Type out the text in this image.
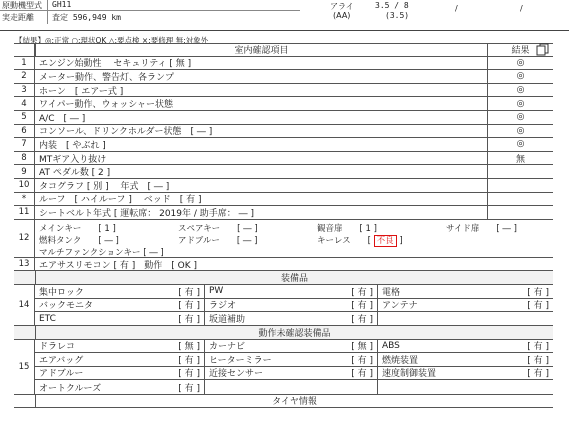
原動機型式 GH11
実走距離 査定 596,949 km
アライ
(AA)
3.5 / 8
(3.5)
/	/
【結果】◎:正常 ○:現状OK △:要点検 ×:要修理 無:対象外
室内確認項目	結果
1	エンジン始動性　 セキュリティ [ 無 ]	◎
2	メーター動作、警告灯、各ランプ	◎
3	ホーン　[ エアー式 ]	◎
4	ワイパー動作、ウォッシャー状態	◎
5	A/C　[ ― ]	◎
6	コンソール、ドリンクホルダー状態　[ ― ]	◎
7	内装　[ やぶれ ]	◎
8	MTギア入り抜け	無
9	AT ペダル数 [ 2 ]
10	タコグラフ [ 別 ]　 年式　[ ― ]
*	ルーフ　[ ハイルーフ ]　 ベッド　[ 有 ]
11	シートベルト年式 [ 運転席： 2019年 / 助手席： ― ]
12
メインキー　　[ 1 ]	スペアキー　　[ ― ]	観音扉　　[ 1 ]	サイド扉　　[ ― ]
燃料タンク　　[ ― ]	アドブルー　　[ ― ]	キーレス　　[ 不良 ]
マルチファンクションキー [ ― ]
13	エアサスリモコン [ 有 ]　動作　[ OK ]
装備品
14
集中ロック	[ 有 ] PW	[ 有 ] 電格	[ 有 ]
バックモニタ	[ 有 ] ラジオ	[ 有 ] アンテナ	[ 有 ]
ETC	[ 有 ] 坂道補助	[ 有 ]
動作未確認装備品
15
ドラレコ	[ 無 ] カーナビ	[ 無 ] ABS	[ 有 ]
エアバッグ	[ 有 ] ヒーターミラー	[ 有 ] 燃焼装置	[ 有 ]
アドブルー	[ 有 ] 近接センサー	[ 有 ] 速度制御装置	[ 有 ]
オートクルーズ	[ 有 ]
タイヤ情報
